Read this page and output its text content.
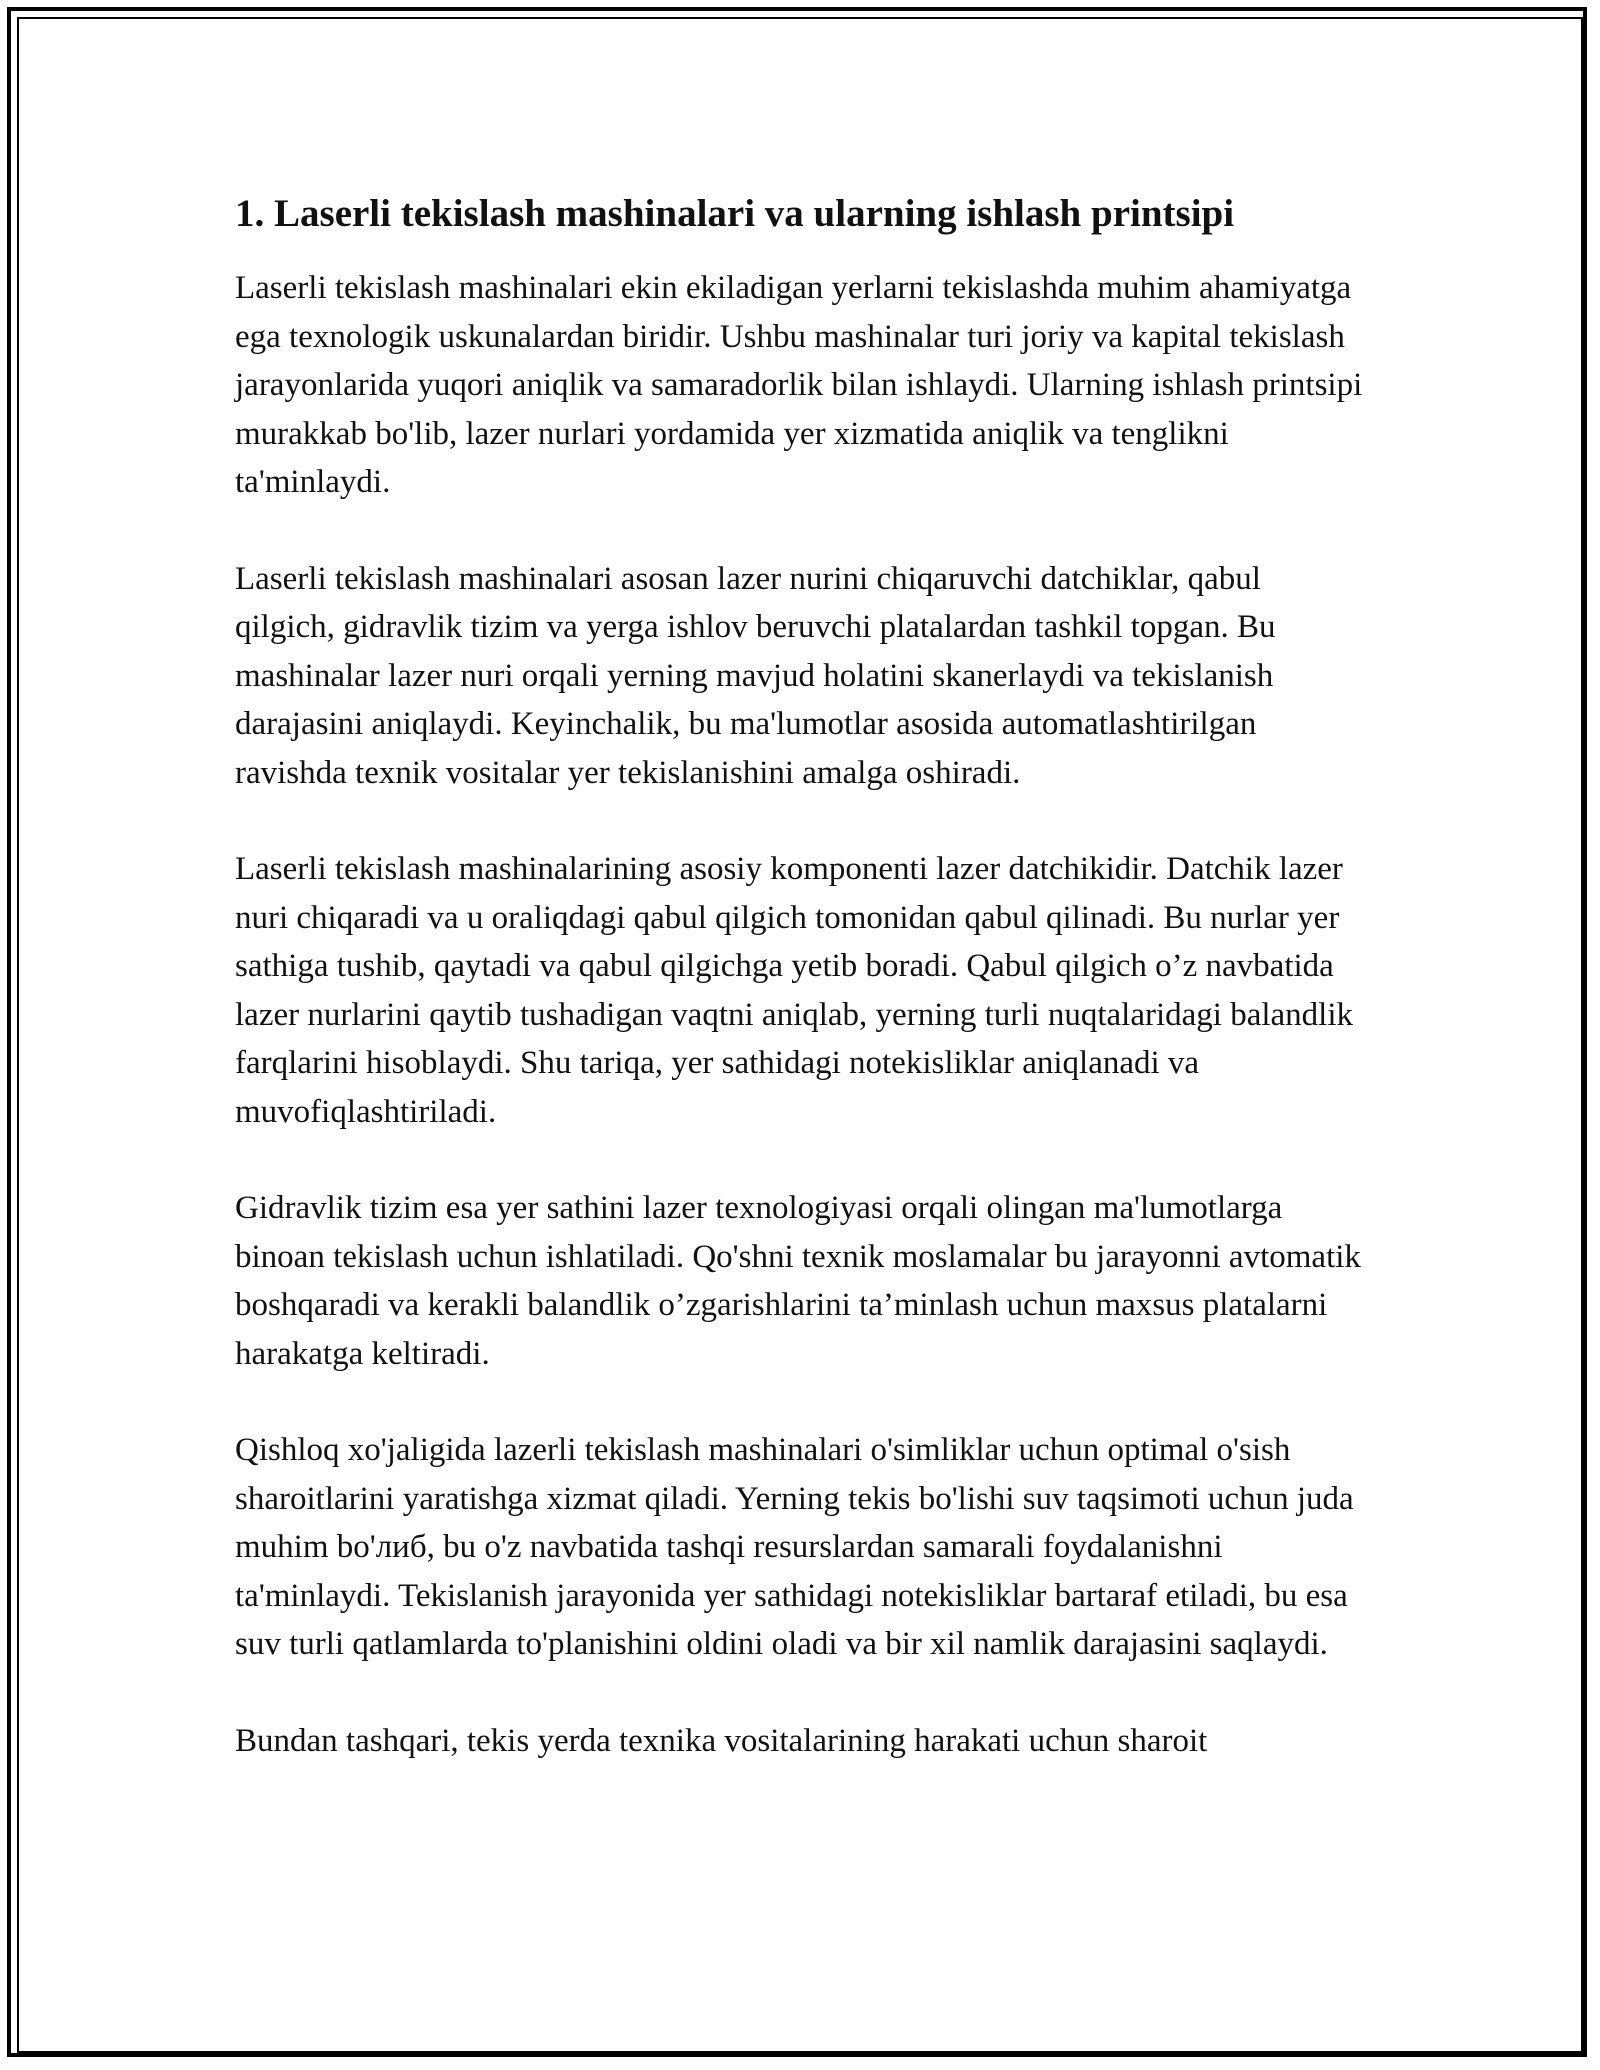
1. Laserli tekislash mashinalari va ularning ishlash printsipi

Laserli tekislash mashinalari ekin ekiladigan yerlarni tekislashda muhim ahamiyatga ega texnologik uskunalardan biridir. Ushbu mashinalar turi joriy va kapital tekislash jarayonlarida yuqori aniqlik va samaradorlik bilan ishlaydi. Ularning ishlash printsipi murakkab bo'lib, lazer nurlari yordamida yer xizmatida aniqlik va tenglikni ta'minlaydi.

Laserli tekislash mashinalari asosan lazer nurini chiqaruvchi datchiklar, qabul qilgich, gidravlik tizim va yerga ishlov beruvchi platalardan tashkil topgan. Bu mashinalar lazer nuri orqali yerning mavjud holatini skanerlaydi va tekislanish darajasini aniqlaydi. Keyinchalik, bu ma'lumotlar asosida automatlashtirilgan ravishda texnik vositalar yer tekislanishini amalga oshiradi.

Laserli tekislash mashinalarining asosiy komponenti lazer datchikidir. Datchik lazer nuri chiqaradi va u oraliqdagi qabul qilgich tomonidan qabul qilinadi. Bu nurlar yer sathiga tushib, qaytadi va qabul qilgichga yetib boradi. Qabul qilgich o’z navbatida lazer nurlarini qaytib tushadigan vaqtni aniqlab, yerning turli nuqtalaridagi balandlik farqlarini hisoblaydi. Shu tariqa, yer sathidagi notekisliklar aniqlanadi va muvofiqlashtiriladi.

Gidravlik tizim esa yer sathini lazer texnologiyasi orqali olingan ma'lumotlarga binoan tekislash uchun ishlatiladi. Qo'shni texnik moslamalar bu jarayonni avtomatik boshqaradi va kerakli balandlik o’zgarishlarini ta’minlash uchun maxsus platalarni harakatga keltiradi.

Qishloq xo'jaligida lazerli tekislash mashinalari o'simliklar uchun optimal o'sish sharoitlarini yaratishga xizmat qiladi. Yerning tekis bo'lishi suv taqsimoti uchun juda muhim bo'либ, bu o'z navbatida tashqi resurslardan samarali foydalanishni ta'minlaydi. Tekislanish jarayonida yer sathidagi notekisliklar bartaraf etiladi, bu esa suv turli qatlamlarda to'planishini oldini oladi va bir xil namlik darajasini saqlaydi.

Bundan tashqari, tekis yerda texnika vositalarining harakati uchun sharoit
